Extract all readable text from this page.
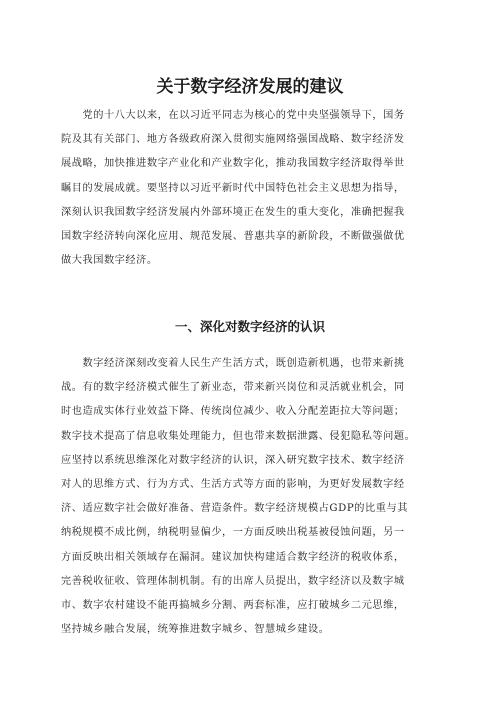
关于数字经济发展的建议
　　党的十八大以来，在以习近平同志为核心的党中央坚强领导下，国务
院及其有关部门、地方各级政府深入贯彻实施网络强国战略、数字经济发
展战略，加快推进数字产业化和产业数字化，推动我国数字经济取得举世
瞩目的发展成就。要坚持以习近平新时代中国特色社会主义思想为指导，
深刻认识我国数字经济发展内外部环境正在发生的重大变化，准确把握我
国数字经济转向深化应用、规范发展、普惠共享的新阶段，不断做强做优
做大我国数字经济。
一、深化对数字经济的认识
　　数字经济深刻改变着人民生产生活方式，既创造新机遇，也带来新挑
战。有的数字经济模式催生了新业态，带来新兴岗位和灵活就业机会，同
时也造成实体行业效益下降、传统岗位减少、收入分配差距拉大等问题；
数字技术提高了信息收集处理能力，但也带来数据泄露、侵犯隐私等问题。
应坚持以系统思维深化对数字经济的认识，深入研究数字技术、数字经济
对人的思维方式、行为方式、生活方式等方面的影响，为更好发展数字经
济、适应数字社会做好准备、营造条件。数字经济规模占GDP的比重与其
纳税规模不成比例，纳税明显偏少，一方面反映出税基被侵蚀问题，另一
方面反映出相关领域存在漏洞。建议加快构建适合数字经济的税收体系，
完善税收征收、管理体制机制。有的出席人员提出，数字经济以及数字城
市、数字农村建设不能再搞城乡分割、两套标准，应打破城乡二元思维，
坚持城乡融合发展，统筹推进数字城乡、智慧城乡建设。
